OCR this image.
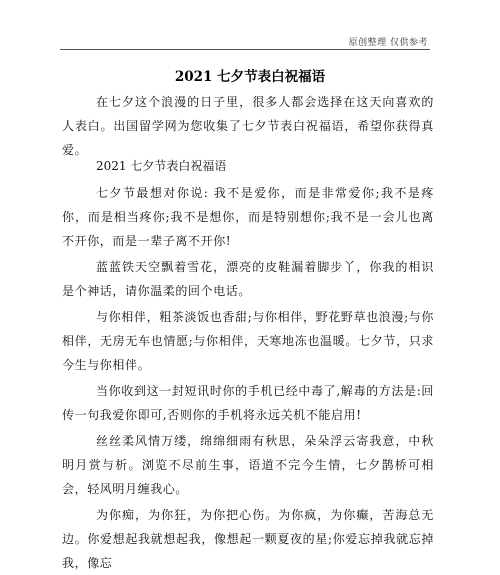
原创整理 仅供参考
2021 七夕节表白祝福语

在七夕这个浪漫的日子里，很多人都会选择在这天向喜欢的人表白。出国留学网为您收集了七夕节表白祝福语，希望你获得真爱。

2021 七夕节表白祝福语

七夕节最想对你说: 我不是爱你，而是非常爱你;我不是疼你，而是相当疼你;我不是想你，而是特别想你;我不是一会儿也离不开你，而是一辈子离不开你!

蓝蓝铁天空飘着雪花，漂亮的皮鞋漏着脚步丫，你我的相识是个神话，请你温柔的回个电话。

与你相伴，粗茶淡饭也香甜;与你相伴，野花野草也浪漫;与你相伴，无房无车也情愿;与你相伴，天寒地冻也温暖。七夕节，只求今生与你相伴。

当你收到这一封短讯时你的手机已经中毒了,解毒的方法是:回传一句我爱你即可,否则你的手机将永远关机不能启用!

丝丝柔风情万缕，绵绵细雨有秋思，朵朵浮云寄我意，中秋明月赏与析。浏览不尽前生事，语道不完今生情，七夕鹊桥可相会，轻风明月缠我心。

为你痴，为你狂，为你把心伤。为你疯，为你癫，苦海总无边。你爱想起我就想起我，像想起一颗夏夜的星;你爱忘掉我就忘掉我，像忘
